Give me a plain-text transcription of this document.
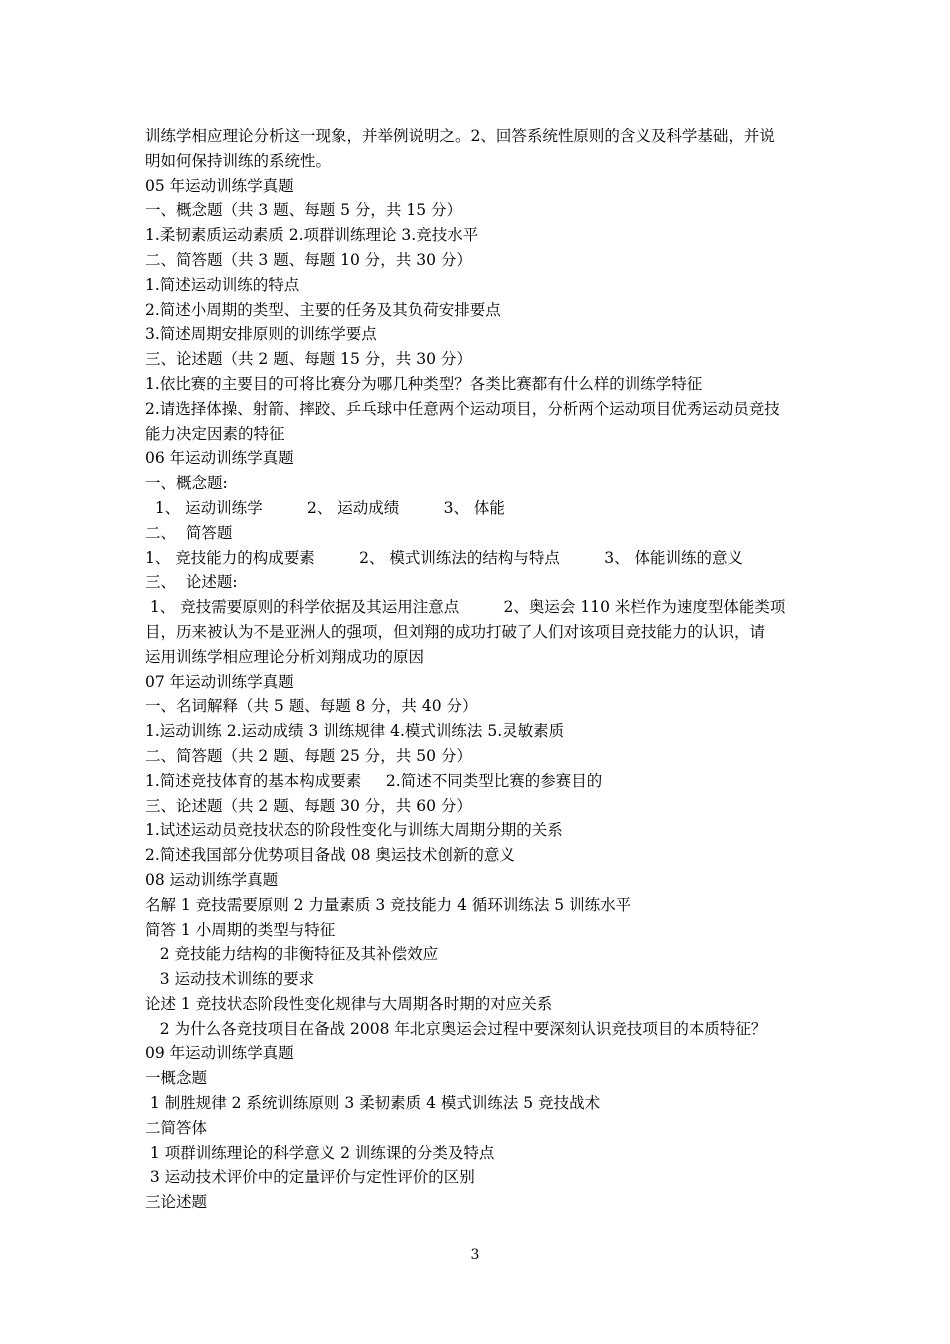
训练学相应理论分析这一现象，并举例说明之。2、回答系统性原则的含义及科学基础，并说
明如何保持训练的系统性。
05 年运动训练学真题
一、概念题（共 3 题、每题 5 分，共 15 分）
1.柔韧素质运动素质 2.项群训练理论 3.竞技水平
二、简答题（共 3 题、每题 10 分，共 30 分）
1.简述运动训练的特点
2.简述小周期的类型、主要的任务及其负荷安排要点
3.简述周期安排原则的训练学要点
三、论述题（共 2 题、每题 15 分，共 30 分）
1.依比赛的主要目的可将比赛分为哪几种类型？各类比赛都有什么样的训练学特征
2.请选择体操、射箭、摔跤、乒乓球中任意两个运动项目，分析两个运动项目优秀运动员竞技
能力决定因素的特征
06 年运动训练学真题
一、概念题:
1、 运动训练学         2、 运动成绩         3、 体能
二、  简答题
1、 竞技能力的构成要素         2、 模式训练法的结构与特点         3、 体能训练的意义
三、  论述题:
1、 竞技需要原则的科学依据及其运用注意点         2、奥运会 110 米栏作为速度型体能类项
目，历来被认为不是亚洲人的强项，但刘翔的成功打破了人们对该项目竞技能力的认识，请
运用训练学相应理论分析刘翔成功的原因
07 年运动训练学真题
一、名词解释（共 5 题、每题 8 分，共 40 分）
1.运动训练 2.运动成绩 3 训练规律 4.模式训练法 5.灵敏素质
二、简答题（共 2 题、每题 25 分，共 50 分）
1.简述竞技体育的基本构成要素     2.简述不同类型比赛的参赛目的
三、论述题（共 2 题、每题 30 分，共 60 分）
1.试述运动员竞技状态的阶段性变化与训练大周期分期的关系
2.简述我国部分优势项目备战 08 奥运技术创新的意义
08 运动训练学真题
名解 1 竞技需要原则 2 力量素质 3 竞技能力 4 循环训练法 5 训练水平
简答 1 小周期的类型与特征
2 竞技能力结构的非衡特征及其补偿效应
3 运动技术训练的要求
论述 1 竞技状态阶段性变化规律与大周期各时期的对应关系
2 为什么各竞技项目在备战 2008 年北京奥运会过程中要深刻认识竞技项目的本质特征？
09 年运动训练学真题
一概念题
1 制胜规律 2 系统训练原则 3 柔韧素质 4 模式训练法 5 竞技战术
二简答体
1 项群训练理论的科学意义 2 训练课的分类及特点
3 运动技术评价中的定量评价与定性评价的区别
三论述题
3
